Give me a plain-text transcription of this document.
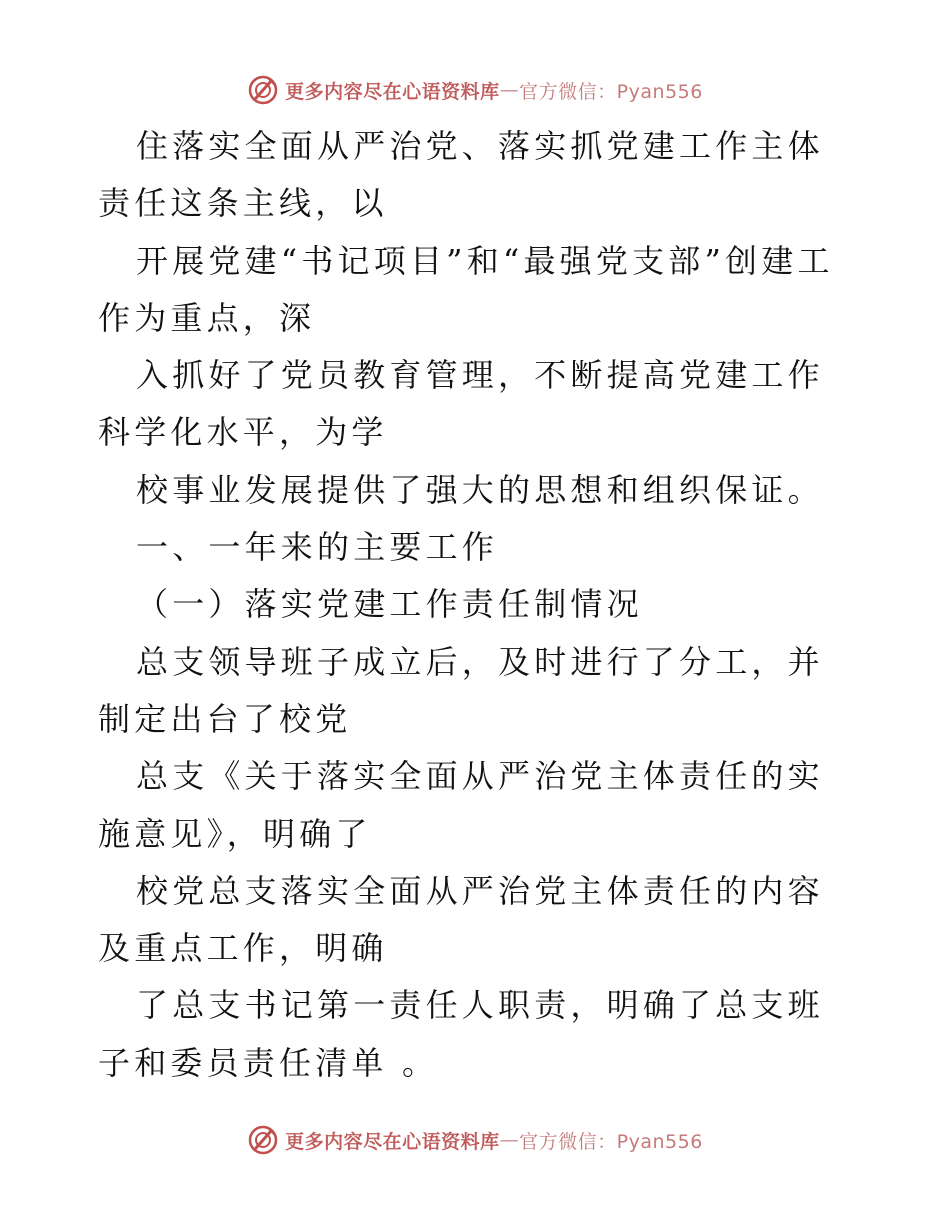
更多内容尽在心语资料库 — 官方微信：Pyan556

住落实全面从严治党、落实抓党建工作主体责任这条主线，以

开展党建“书记项目”和“最强党支部”创建工作为重点，深

入抓好了党员教育管理，不断提高党建工作科学化水平，为学

校事业发展提供了强大的思想和组织保证。

一、一年来的主要工作

（一）落实党建工作责任制情况

总支领导班子成立后，及时进行了分工，并制定出台了校党

总支《关于落实全面从严治党主体责任的实施意见》，明确了

校党总支落实全面从严治党主体责任的内容及重点工作，明确

了总支书记第一责任人职责，明确了总支班子和委员责任清单 。

更多内容尽在心语资料库 — 官方微信：Pyan556
